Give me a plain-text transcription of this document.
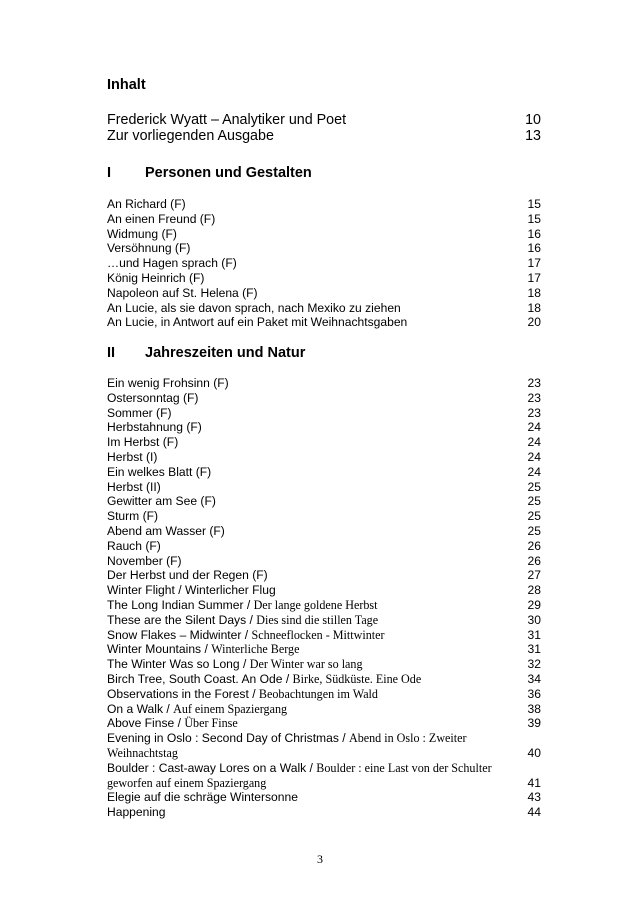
Inhalt
Frederick Wyatt – Analytiker und Poet	10
Zur vorliegenden Ausgabe	13
I Personen und Gestalten
An Richard (F)	15
An einen Freund (F)	15
Widmung (F)	16
Versöhnung (F)	16
…und Hagen sprach (F)	17
König Heinrich (F)	17
Napoleon auf St. Helena (F)	18
An Lucie, als sie davon sprach, nach Mexiko zu ziehen	18
An Lucie, in Antwort auf ein Paket mit Weihnachtsgaben	20
II Jahreszeiten und Natur
Ein wenig Frohsinn (F)	23
Ostersonntag (F)	23
Sommer (F)	23
Herbstahnung (F)	24
Im Herbst (F)	24
Herbst (I)	24
Ein welkes Blatt (F)	24
Herbst (II)	25
Gewitter am See (F)	25
Sturm (F)	25
Abend am Wasser (F)	25
Rauch (F)	26
November (F)	26
Der Herbst und der Regen (F)	27
Winter Flight / Winterlicher Flug	28
The Long Indian Summer / Der lange goldene Herbst	29
These are the Silent Days / Dies sind die stillen Tage	30
Snow Flakes – Midwinter / Schneeflocken - Mittwinter	31
Winter Mountains / Winterliche Berge	31
The Winter Was so Long / Der Winter war so lang	32
Birch Tree, South Coast. An Ode / Birke, Südküste. Eine Ode	34
Observations in the Forest / Beobachtungen im Wald	36
On a Walk / Auf einem Spaziergang	38
Above Finse / Über Finse	39
Evening in Oslo : Second Day of Christmas / Abend in Oslo : Zweiter Weihnachtstag	40
Boulder : Cast-away Lores on a Walk / Boulder : eine Last von der Schulter geworfen auf einem Spaziergang	41
Elegie auf die schräge Wintersonne	43
Happening	44
3
